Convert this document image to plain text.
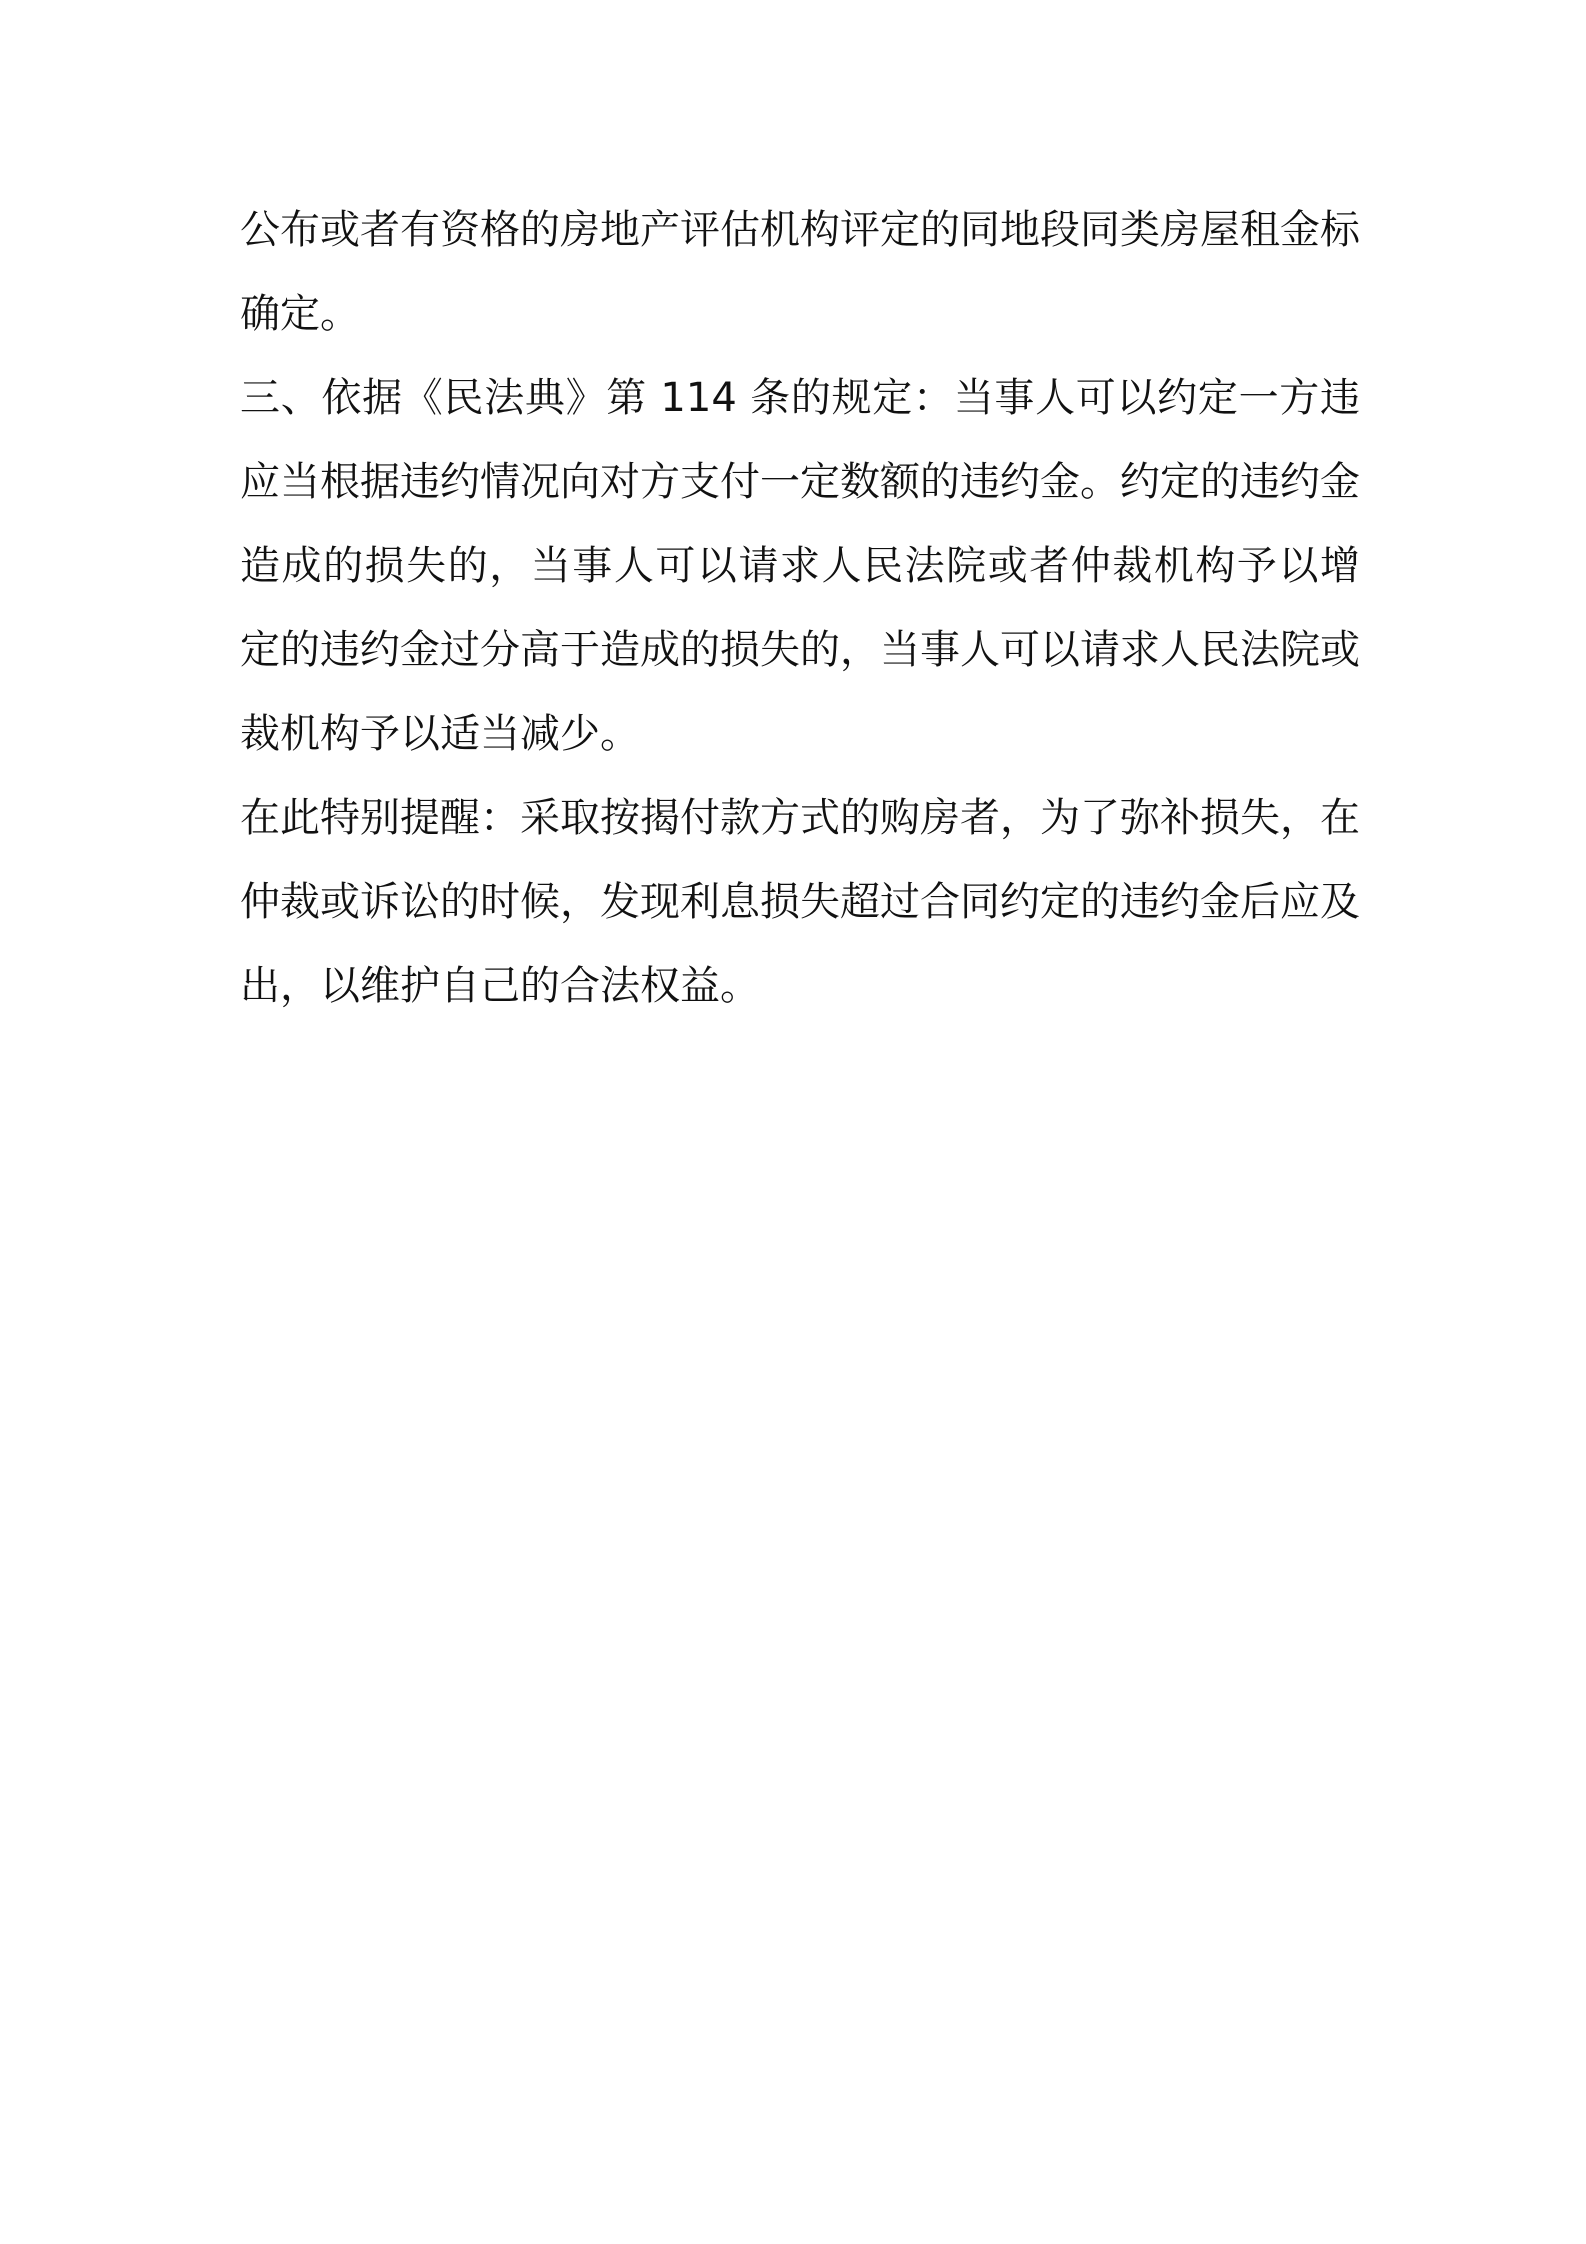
公布或者有资格的房地产评估机构评定的同地段同类房屋租金标
确定。
三、依据《民法典》第 114 条的规定：当事人可以约定一方违
应当根据违约情况向对方支付一定数额的违约金。约定的违约金
造成的损失的，当事人可以请求人民法院或者仲裁机构予以增
定的违约金过分高于造成的损失的，当事人可以请求人民法院或
裁机构予以适当减少。
在此特别提醒：采取按揭付款方式的购房者，为了弥补损失，在
仲裁或诉讼的时候，发现利息损失超过合同约定的违约金后应及
出，以维护自己的合法权益。
